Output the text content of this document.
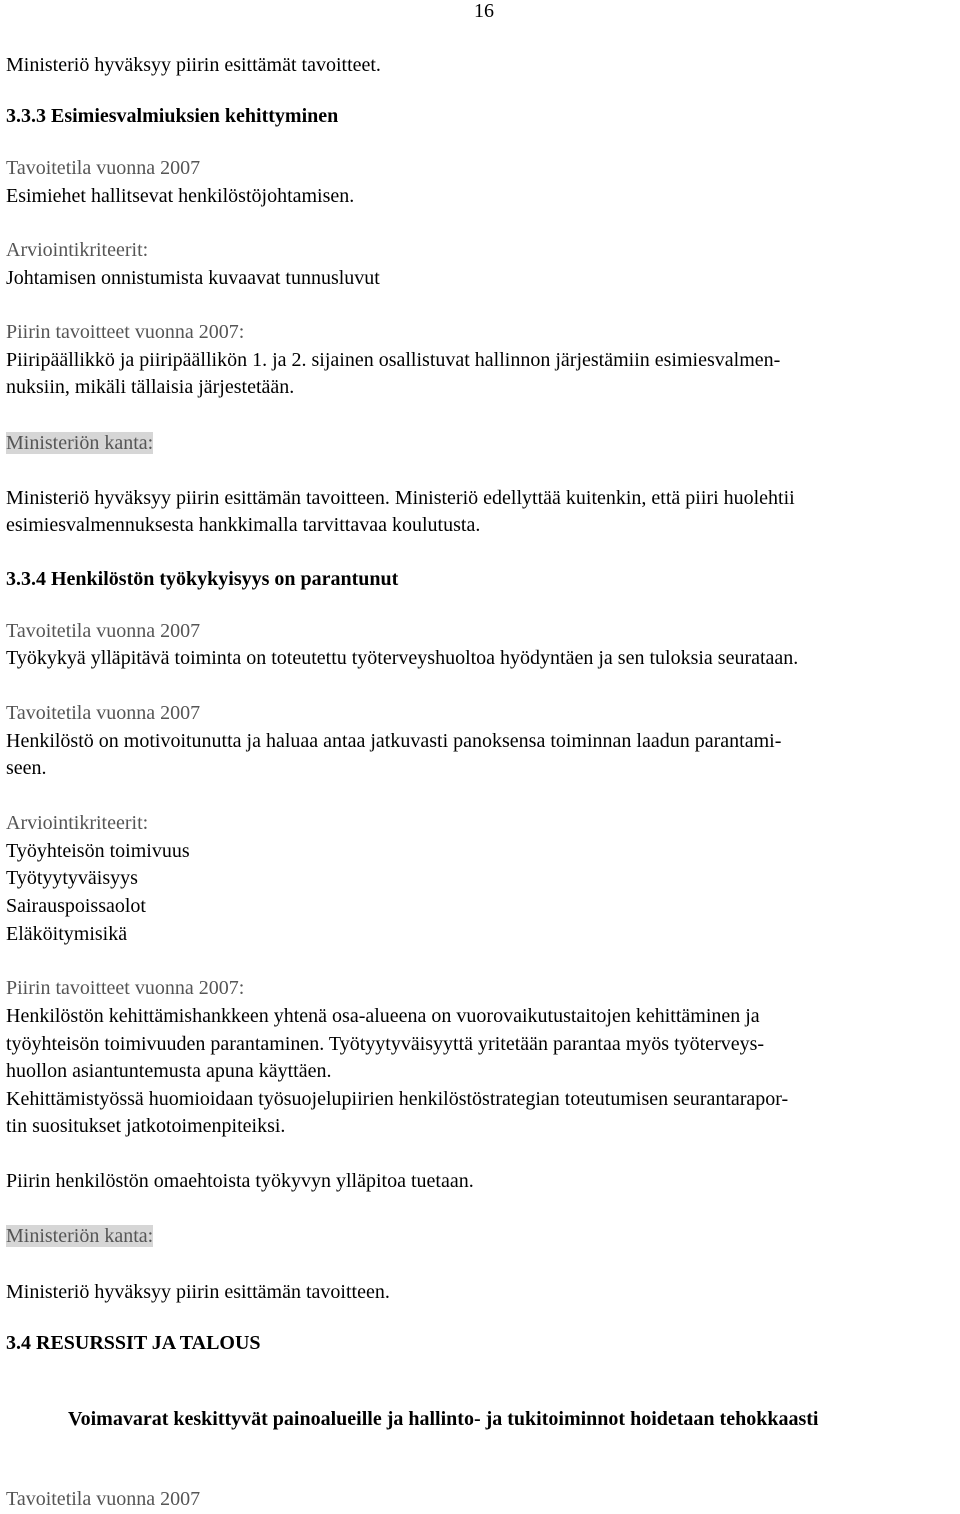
16

Ministeriö hyväksyy piirin esittämät tavoitteet.

3.3.3 Esimiesvalmiuksien kehittyminen

Tavoitetila vuonna 2007

Esimiehet hallitsevat henkilöstöjohtamisen.

Arviointikriteerit:

Johtamisen onnistumista kuvaavat tunnusluvut

Piirin tavoitteet vuonna 2007:

Piiripäällikkö ja piiripäällikön 1. ja 2. sijainen osallistuvat hallinnon järjestämiin esimiesvalmen-

nuksiin, mikäli tällaisia järjestetään.

Ministeriön kanta:

Ministeriö hyväksyy piirin esittämän tavoitteen. Ministeriö edellyttää kuitenkin, että piiri huolehtii

esimiesvalmennuksesta hankkimalla tarvittavaa koulutusta.

3.3.4 Henkilöstön työkykyisyys on parantunut

Tavoitetila vuonna 2007

Työkykyä ylläpitävä toiminta on toteutettu työterveyshuoltoa hyödyntäen ja sen tuloksia seurataan.

Tavoitetila vuonna 2007

Henkilöstö on motivoitunutta ja haluaa antaa jatkuvasti panoksensa toiminnan laadun parantami-

seen.

Arviointikriteerit:

Työyhteisön toimivuus

Työtyytyväisyys

Sairauspoissaolot

Eläköitymisikä

Piirin tavoitteet vuonna 2007:

Henkilöstön kehittämishankkeen yhtenä osa-alueena on vuorovaikutustaitojen kehittäminen ja

työyhteisön toimivuuden parantaminen. Työtyytyväisyyttä yritetään parantaa myös työterveys-

huollon asiantuntemusta apuna käyttäen.

Kehittämistyössä huomioidaan työsuojelupiirien henkilöstöstrategian toteutumisen seurantarapor-

tin suositukset jatkotoimenpiteiksi.

Piirin henkilöstön omaehtoista työkyvyn ylläpitoa tuetaan.

Ministeriön kanta:

Ministeriö hyväksyy piirin esittämän tavoitteen.

3.4 RESURSSIT JA TALOUS

Voimavarat keskittyvät painoalueille ja hallinto- ja tukitoiminnot hoidetaan tehokkaasti

Tavoitetila vuonna 2007
